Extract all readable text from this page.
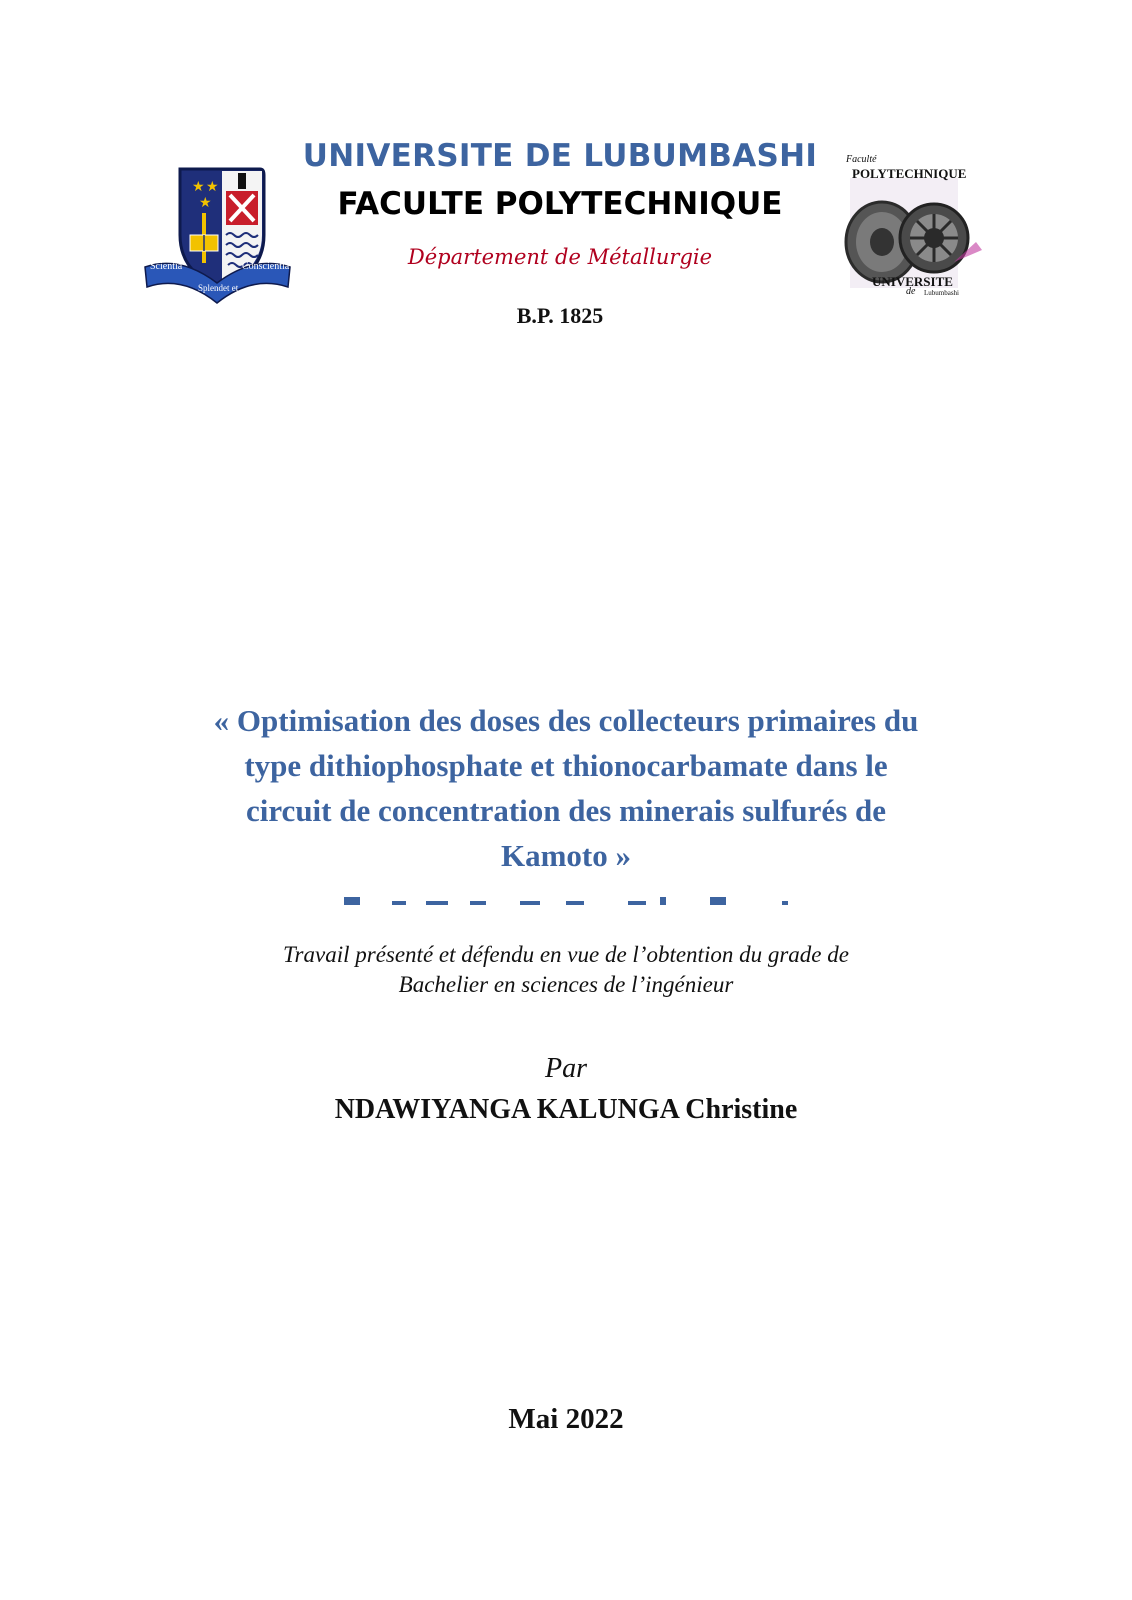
★ ★
★
Scientia	Conscientia
Splendet et
Faculté
POLYTECHNIQUE
UNIVERSITE
de Lubumbashi
UNIVERSITE DE LUBUMBASHI
FACULTE POLYTECHNIQUE
Département de Métallurgie
B.P. 1825
« Optimisation des doses des collecteurs primaires du
type dithiophosphate et thionocarbamate dans le
circuit de concentration des minerais sulfurés de
Kamoto »
Travail présenté et défendu en vue de l’obtention du grade de
Bachelier en sciences de l’ingénieur
Par
NDAWIYANGA KALUNGA Christine
Mai 2022
